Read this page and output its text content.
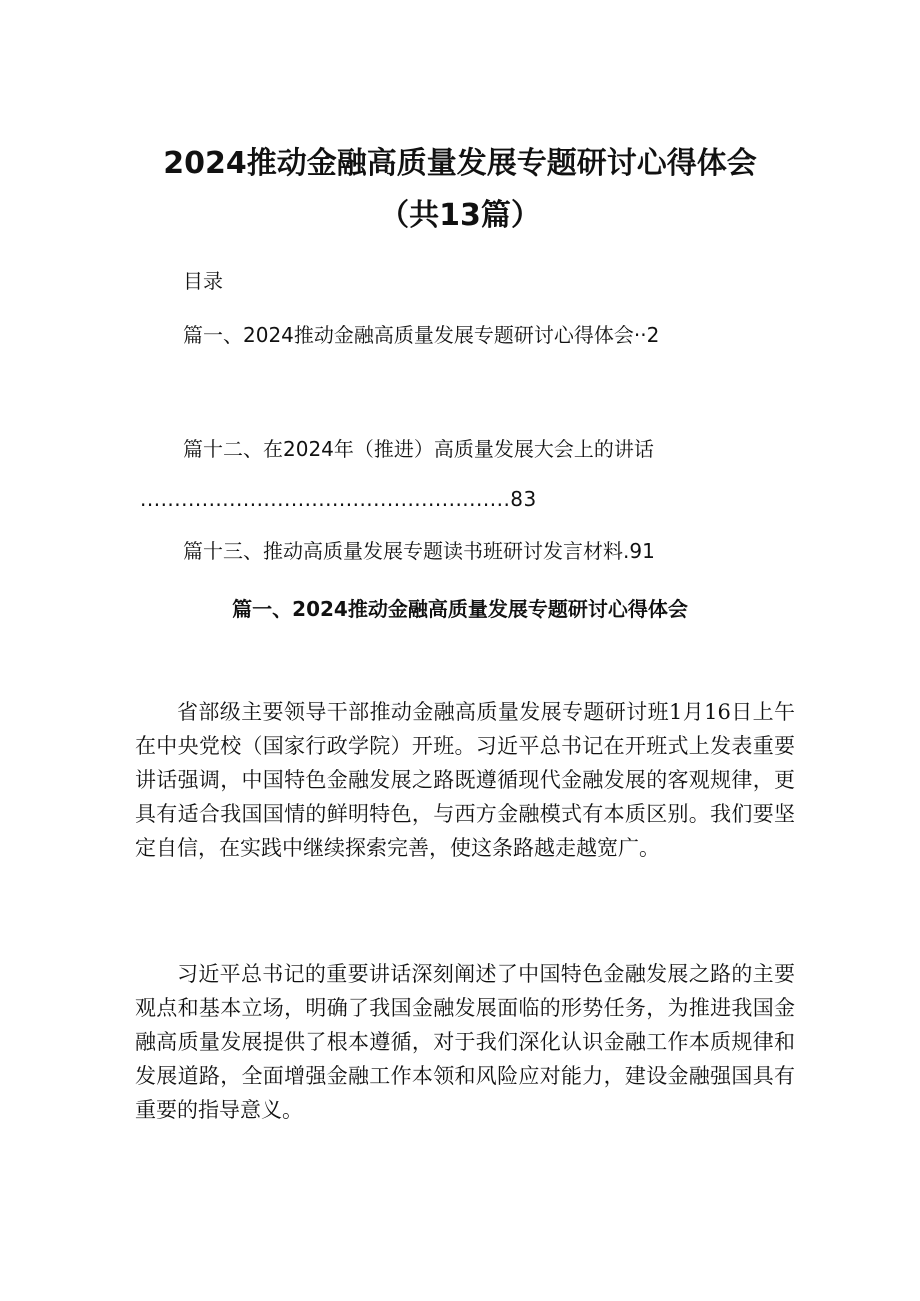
2024推动金融高质量发展专题研讨心得体会（共13篇）
目录
篇一、2024推动金融高质量发展专题研讨心得体会··2
篇十二、在2024年（推进）高质量发展大会上的讲话
......................................................83
篇十三、推动高质量发展专题读书班研讨发言材料.91
篇一、2024推动金融高质量发展专题研讨心得体会

省部级主要领导干部推动金融高质量发展专题研讨班1月16日上午在中央党校（国家行政学院）开班。习近平总书记在开班式上发表重要讲话强调，中国特色金融发展之路既遵循现代金融发展的客观规律，更具有适合我国国情的鲜明特色，与西方金融模式有本质区别。我们要坚定自信，在实践中继续探索完善，使这条路越走越宽广。

习近平总书记的重要讲话深刻阐述了中国特色金融发展之路的主要观点和基本立场，明确了我国金融发展面临的形势任务，为推进我国金融高质量发展提供了根本遵循，对于我们深化认识金融工作本质规律和发展道路，全面增强金融工作本领和风险应对能力，建设金融强国具有重要的指导意义。
